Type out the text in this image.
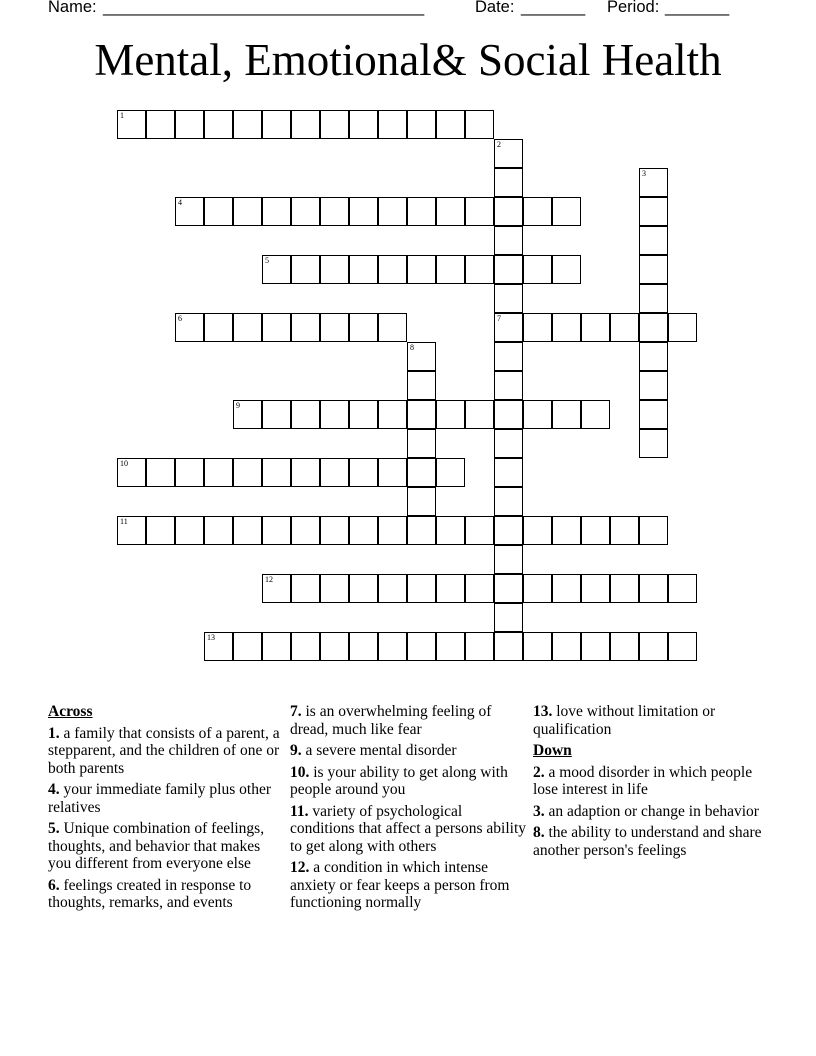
Name: ___________________________________	Date: _______ Period: _______
Mental, Emotional& Social Health
1
2
7
3
4
5
6
8
9
10
11
12
13
Across
1. a family that consists of a parent, a stepparent, and the children of one or both parents
4. your immediate family plus other relatives
5. Unique combination of feelings, thoughts, and behavior that makes you different from everyone else
6. feelings created in response to thoughts, remarks, and events
7. is an overwhelming feeling of dread, much like fear
9. a severe mental disorder
10. is your ability to get along with people around you
11. variety of psychological conditions that affect a persons ability to get along with others
12. a condition in which intense anxiety or fear keeps a person from functioning normally
13. love without limitation or qualification
Down
2. a mood disorder in which people lose interest in life
3. an adaption or change in behavior
8. the ability to understand and share another person's feelings
